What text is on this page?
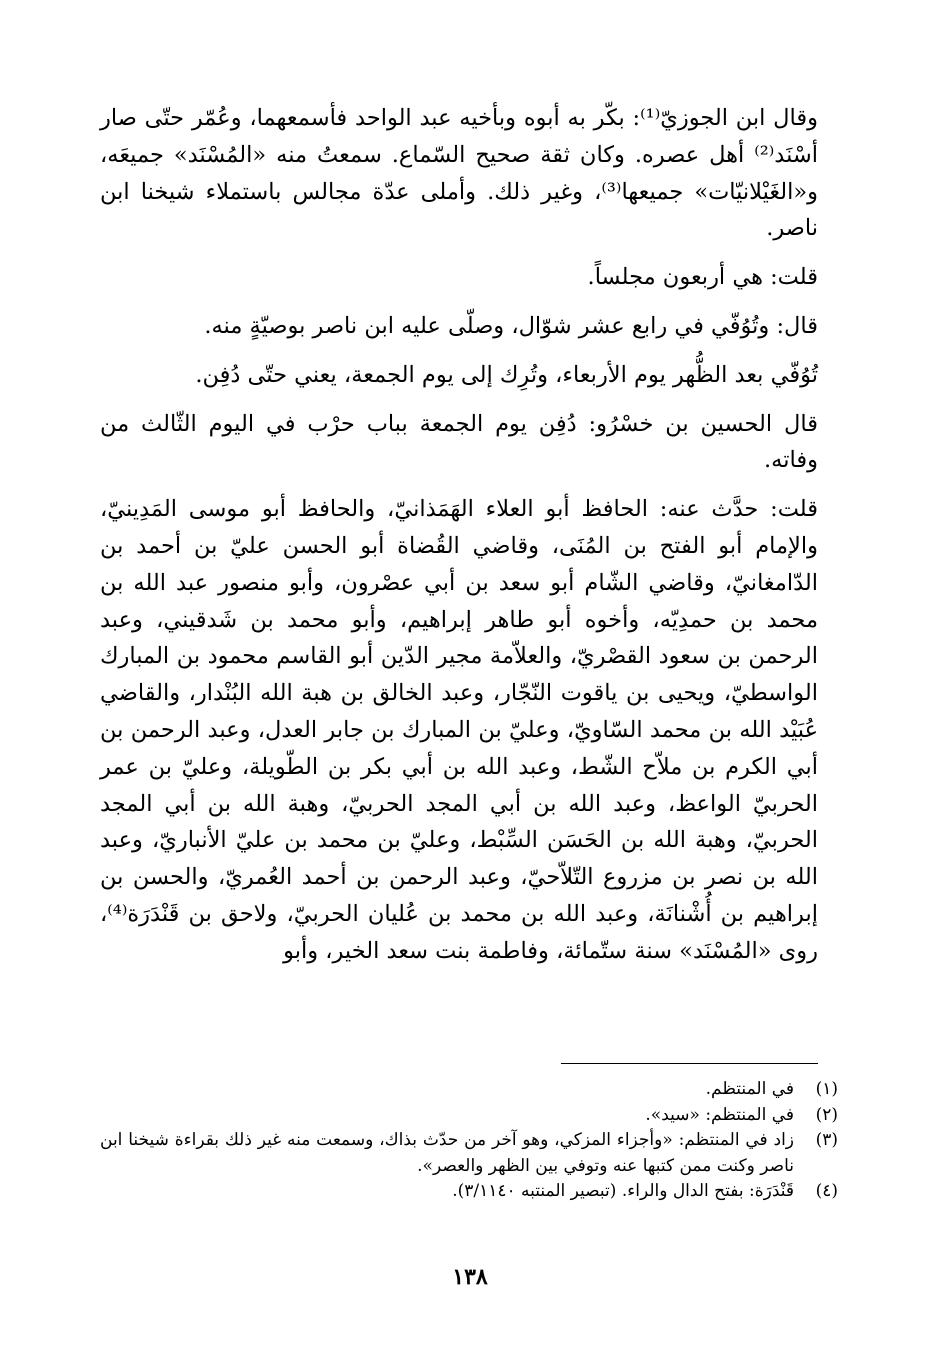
وقال ابن الجوزيّ⁽¹⁾: بكّر به أبوه وبأخيه عبد الواحد فأسمعهما، وعُمّر حتّى صار أسْنَد⁽²⁾ أهل عصره. وكان ثقة صحيح السّماع. سمعتُ منه «المُسْنَد» جميعَه، و«الغَيْلانيّات» جميعها⁽³⁾، وغير ذلك. وأملى عدّة مجالس باستملاء شيخنا ابن ناصر.

قلت: هي أربعون مجلساً.

قال: وتُوُفّي في رابع عشر شوّال، وصلّى عليه ابن ناصر بوصيّةٍ منه.

تُوُفّي بعد الظُّهر يوم الأربعاء، وتُرِك إلى يوم الجمعة، يعني حتّى دُفِن.

قال الحسين بن خسْرُو: دُفِن يوم الجمعة بباب حرْب في اليوم الثّالث من وفاته.

قلت: حدَّث عنه: الحافظ أبو العلاء الهَمَذانيّ، والحافظ أبو موسى المَدِينيّ، والإمام أبو الفتح بن المُنَى، وقاضي القُضاة أبو الحسن عليّ بن أحمد بن الدّامغانيّ، وقاضي الشّام أبو سعد بن أبي عصْرون، وأبو منصور عبد الله بن محمد بن حمدِيّه، وأخوه أبو طاهر إبراهيم، وأبو محمد بن شَدقيني، وعبد الرحمن بن سعود القصْريّ، والعلاّمة مجير الدّين أبو القاسم محمود بن المبارك الواسطيّ، ويحيى بن ياقوت النّجّار، وعبد الخالق بن هبة الله البُنْدار، والقاضي عُبَيْد الله بن محمد السّاويّ، وعليّ بن المبارك بن جابر العدل، وعبد الرحمن بن أبي الكرم بن ملاّح الشّط، وعبد الله بن أبي بكر بن الطّويلة، وعليّ بن عمر الحربيّ الواعظ، وعبد الله بن أبي المجد الحربيّ، وهبة الله بن أبي المجد الحربيّ، وهبة الله بن الحَسَن السِّبْط، وعليّ بن محمد بن عليّ الأنباريّ، وعبد الله بن نصر بن مزروع التّلاّحيّ، وعبد الرحمن بن أحمد العُمريّ، والحسن بن إبراهيم بن أُشْنانَة، وعبد الله بن محمد بن عُليان الحربيّ، ولاحق بن قَنْدَرَة⁽⁴⁾، روى «المُسْنَد» سنة ستّمائة، وفاطمة بنت سعد الخير، وأبو

(١)
في المنتظم.
(٢)
في المنتظم: «سيد».
(٣)
زاد في المنتظم: «وأجزاء المزكي، وهو آخر من حدّث بذاك، وسمعت منه غير ذلك بقراءة شيخنا ابن ناصر وكنت ممن كتبها عنه وتوفي بين الظهر والعصر».
(٤)
قَنْدَرَة: بفتح الدال والراء. (تبصير المنتبه ٣/١١٤٠).
١٣٨
